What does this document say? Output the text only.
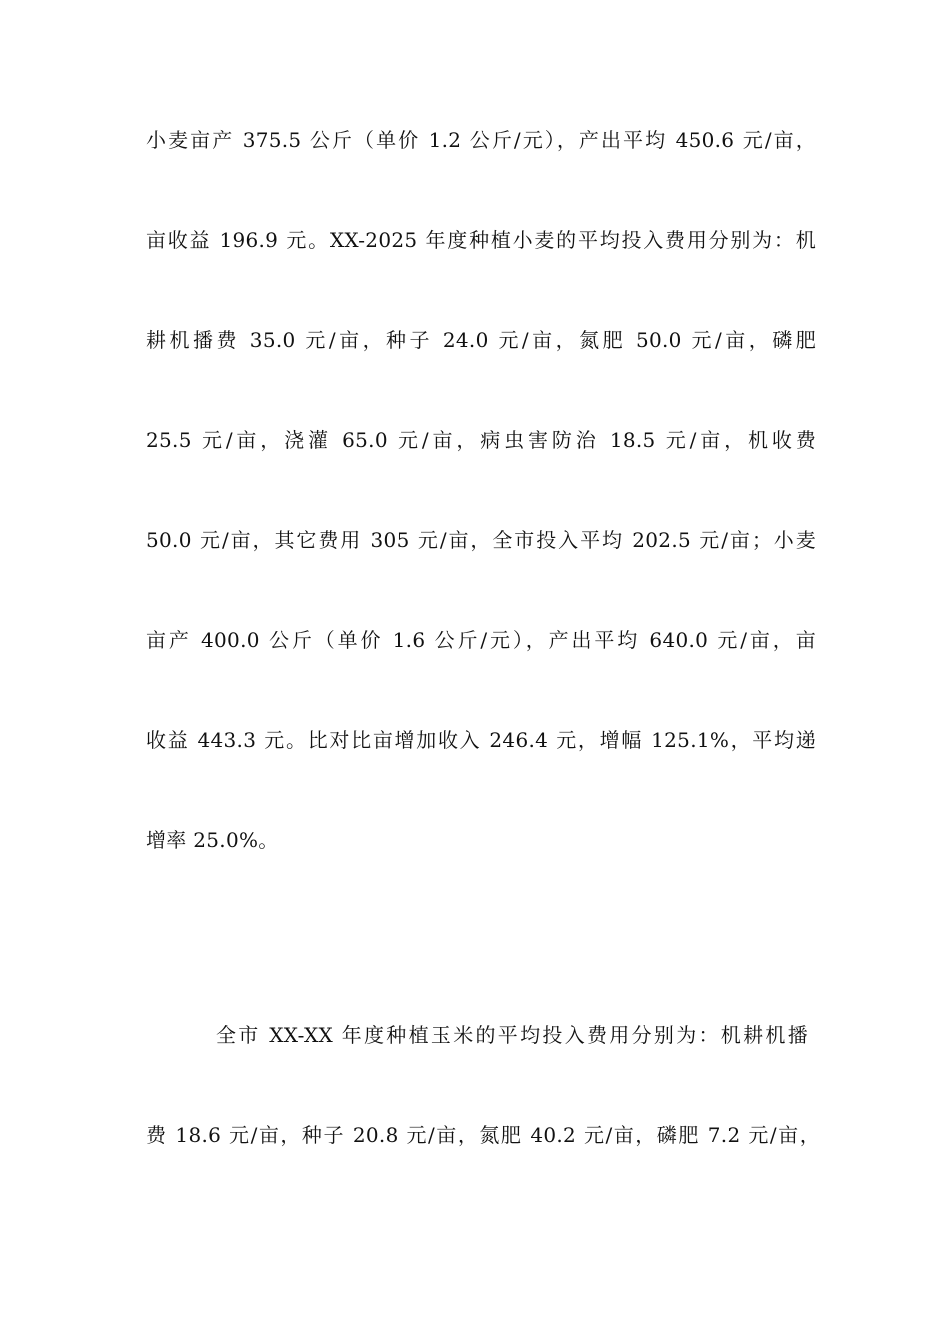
小麦亩产 375.5 公斤（单价 1.2 公斤/元），产出平均 450.6 元/亩，
亩收益 196.9 元。XX-2025 年度种植小麦的平均投入费用分别为：机
耕机播费 35.0 元/亩，种子 24.0 元/亩，氮肥 50.0 元/亩，磷肥
25.5 元/亩，浇灌 65.0 元/亩，病虫害防治 18.5 元/亩，机收费
50.0 元/亩，其它费用 305 元/亩，全市投入平均 202.5 元/亩；小麦
亩产 400.0 公斤（单价 1.6 公斤/元），产出平均 640.0 元/亩，亩
收益 443.3 元。比对比亩增加收入 246.4 元，增幅 125.1%，平均递
增率 25.0%。
全市 XX-XX 年度种植玉米的平均投入费用分别为：机耕机播
费 18.6 元/亩，种子 20.8 元/亩，氮肥 40.2 元/亩，磷肥 7.2 元/亩，
